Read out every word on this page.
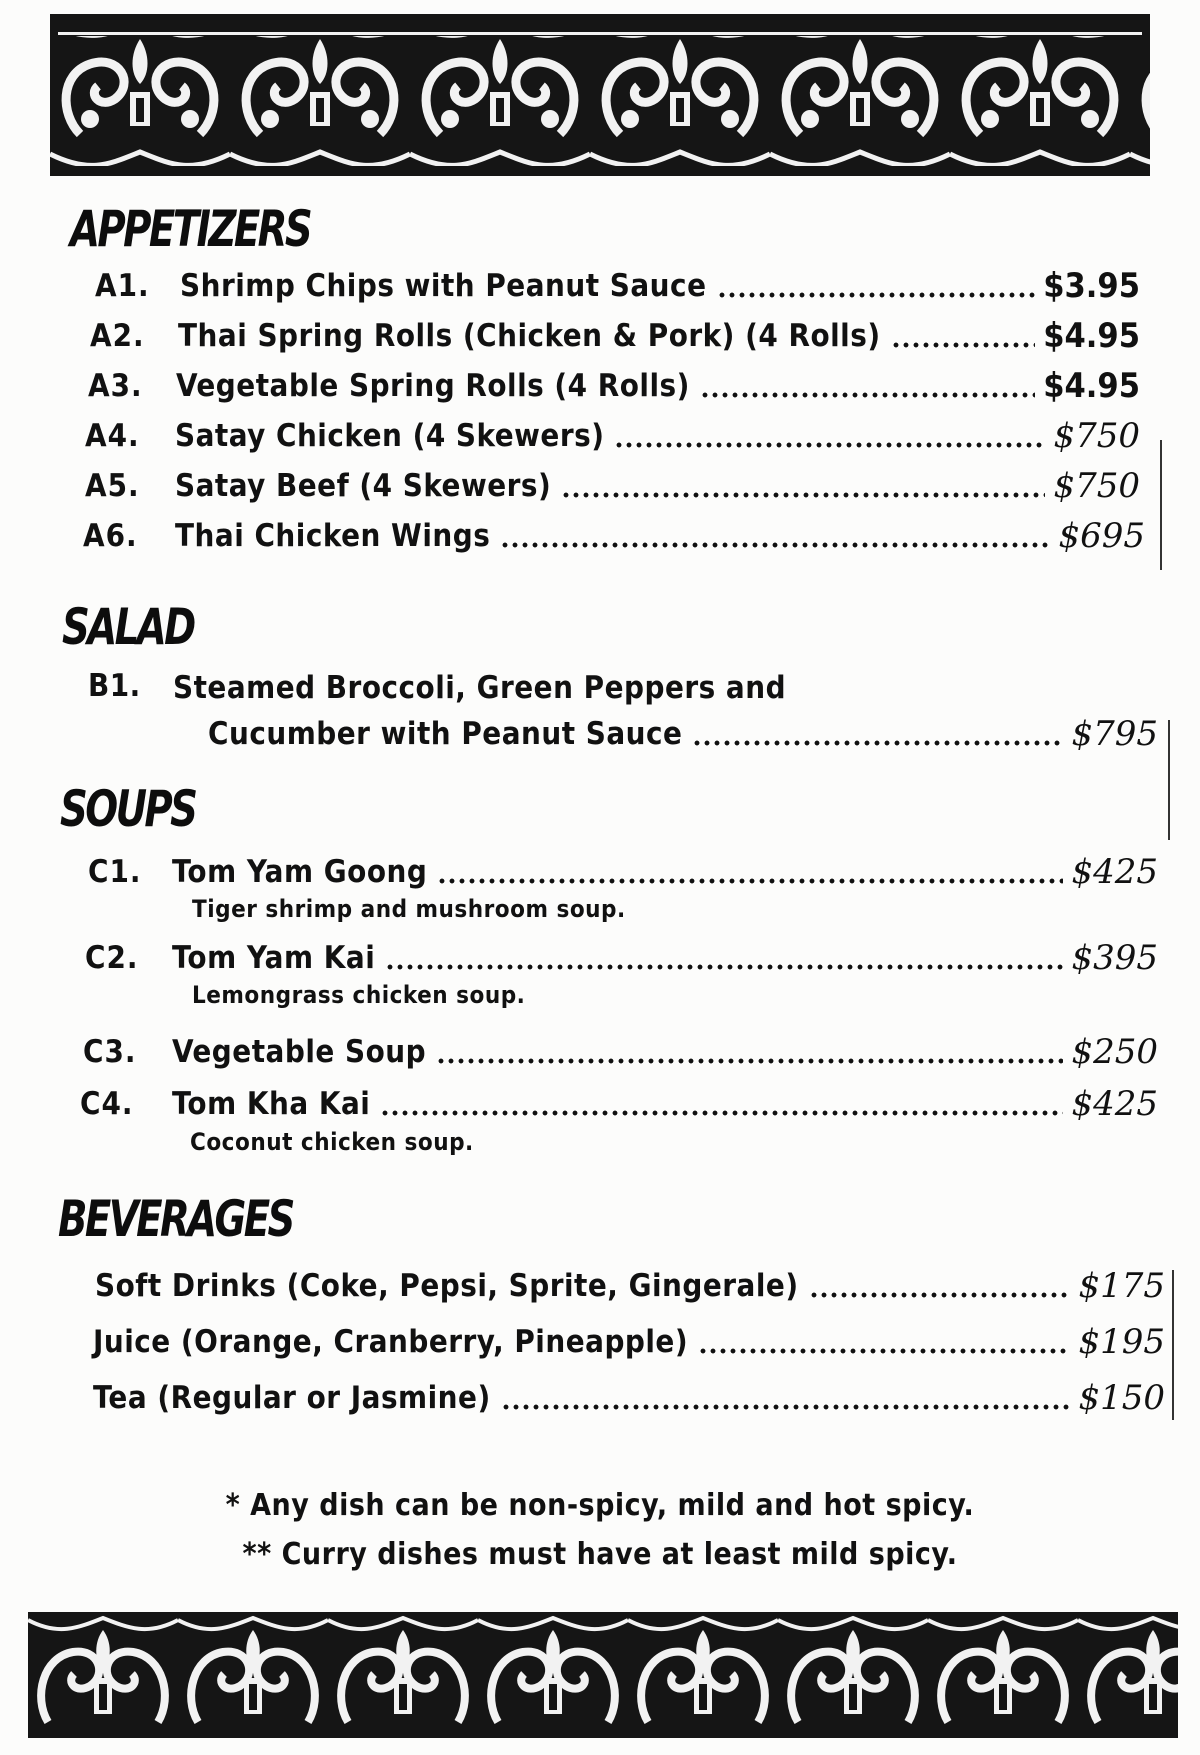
APPETIZERS
A1. Shrimp Chips with Peanut Sauce	$3.95
A2. Thai Spring Rolls (Chicken & Pork) (4 Rolls)	$4.95
A3. Vegetable Spring Rolls (4 Rolls)	$4.95
A4. Satay Chicken (4 Skewers)	$750
A5. Satay Beef (4 Skewers)	$750
A6. Thai Chicken Wings	$695
SALAD
B1. Steamed Broccoli, Green Peppers and
Cucumber with Peanut Sauce	$795
SOUPS
C1. Tom Yam Goong	$425
Tiger shrimp and mushroom soup.
C2. Tom Yam Kai	$395
Lemongrass chicken soup.
C3. Vegetable Soup	$250
C4. Tom Kha Kai	$425
Coconut chicken soup.
BEVERAGES
Soft Drinks (Coke, Pepsi, Sprite, Gingerale)	$175
Juice (Orange, Cranberry, Pineapple)	$195
Tea (Regular or Jasmine)	$150
* Any dish can be non-spicy, mild and hot spicy.
** Curry dishes must have at least mild spicy.
